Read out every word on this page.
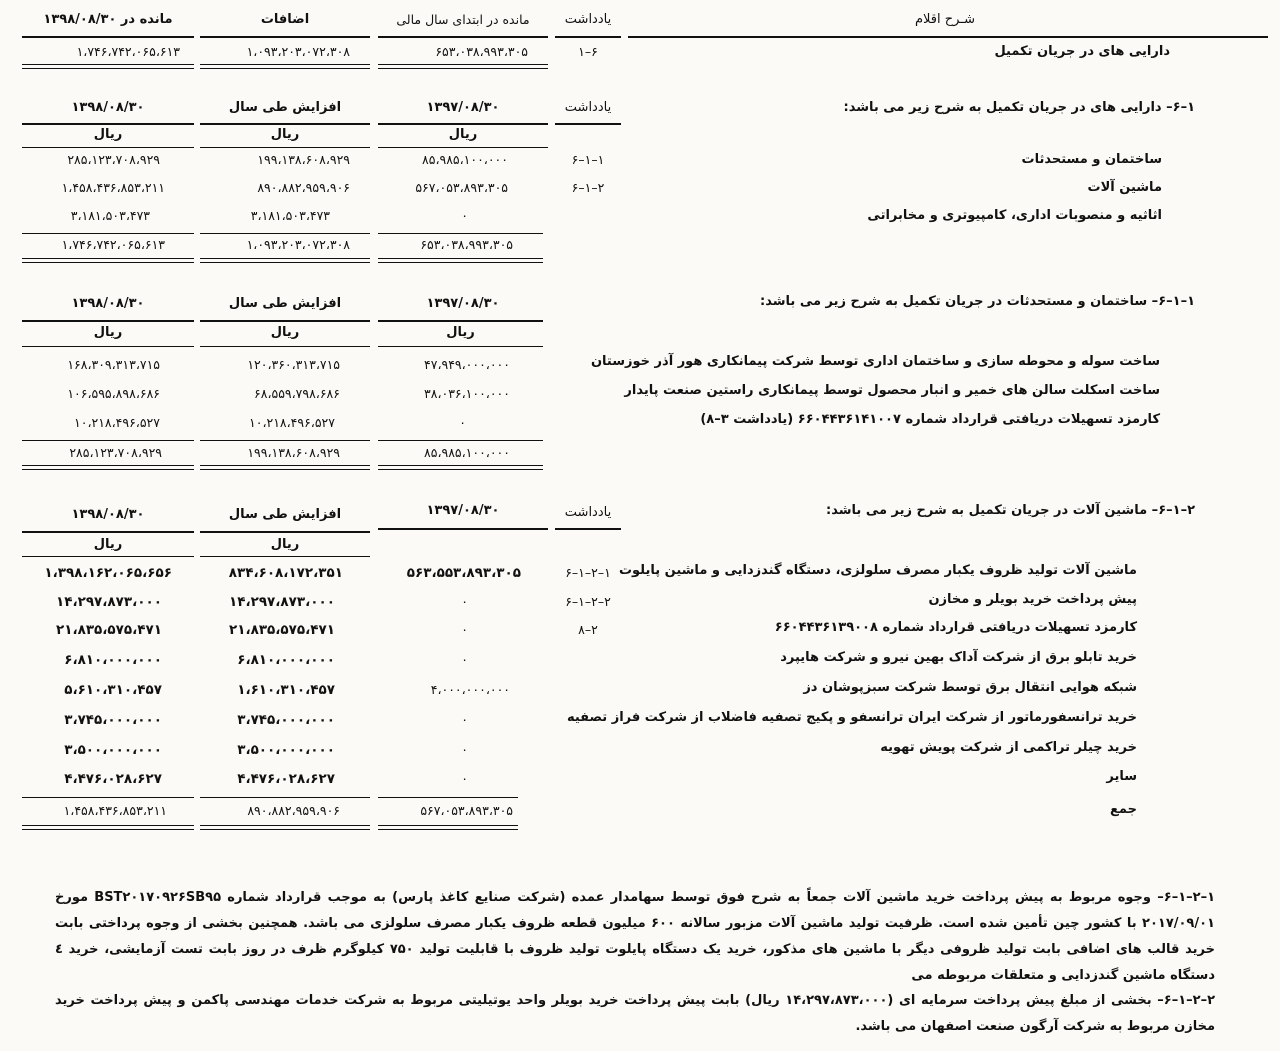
شـرح اقلام
یادداشت
مانده در ابتدای سال مالی
اضافات
مانده در ۱۳۹۸/۰۸/۳۰
دارایی های در جریان تکمیل
۱–۶
۶۵۳،۰۳۸،۹۹۳،۳۰۵
۱،۰۹۳،۲۰۳،۰۷۲،۳۰۸
۱،۷۴۶،۷۴۲،۰۶۵،۶۱۳
۱–۶– دارایی های در جریان تکمیل به شرح زیر می باشد:
یادداشت
۱۳۹۷/۰۸/۳۰
افزایش طی سال
۱۳۹۸/۰۸/۳۰
ریال
ریال
ریال
ساختمان و مستحدثات
۶–۱–۱
۸۵،۹۸۵،۱۰۰،۰۰۰
۱۹۹،۱۳۸،۶۰۸،۹۲۹
۲۸۵،۱۲۳،۷۰۸،۹۲۹
ماشین آلات
۶–۱–۲
۵۶۷،۰۵۳،۸۹۳،۳۰۵
۸۹۰،۸۸۲،۹۵۹،۹۰۶
۱،۴۵۸،۴۳۶،۸۵۳،۲۱۱
اثاثیه و منصوبات اداری، کامپیوتری و مخابراتی
۰
۳،۱۸۱،۵۰۳،۴۷۳
۳،۱۸۱،۵۰۳،۴۷۳
۶۵۳،۰۳۸،۹۹۳،۳۰۵
۱،۰۹۳،۲۰۳،۰۷۲،۳۰۸
۱،۷۴۶،۷۴۲،۰۶۵،۶۱۳
۱–۱–۶– ساختمان و مستحدثات در جریان تکمیل به شرح زیر می باشد:
۱۳۹۷/۰۸/۳۰
افزایش طی سال
۱۳۹۸/۰۸/۳۰
ریال
ریال
ریال
ساخت سوله و محوطه سازی و ساختمان اداری توسط شرکت پیمانکاری هور آذر خوزستان
۴۷،۹۴۹،۰۰۰،۰۰۰
۱۲۰،۳۶۰،۳۱۳،۷۱۵
۱۶۸،۳۰۹،۳۱۳،۷۱۵
ساخت اسکلت سالن های خمیر و انبار محصول توسط پیمانکاری راستین صنعت پایدار
۳۸،۰۳۶،۱۰۰،۰۰۰
۶۸،۵۵۹،۷۹۸،۶۸۶
۱۰۶،۵۹۵،۸۹۸،۶۸۶
کارمزد تسهیلات دریافتی قرارداد شماره ۶۶۰۴۴۳۶۱۴۱۰۰۷ (یادداشت ۳–۸)
۰
۱۰،۲۱۸،۴۹۶،۵۲۷
۱۰،۲۱۸،۴۹۶،۵۲۷
۸۵،۹۸۵،۱۰۰،۰۰۰
۱۹۹،۱۳۸،۶۰۸،۹۲۹
۲۸۵،۱۲۳،۷۰۸،۹۲۹
۲–۱–۶– ماشین آلات در جریان تکمیل به شرح زیر می باشد:
یادداشت
۱۳۹۷/۰۸/۳۰
افزایش طی سال
۱۳۹۸/۰۸/۳۰
ریال
ریال
ماشین آلات تولید ظروف یکبار مصرف سلولزی، دستگاه گندزدایی و ماشین پایلوت
۶–۱–۲–۱
۵۶۳،۵۵۳،۸۹۳،۳۰۵
۸۳۴،۶۰۸،۱۷۲،۳۵۱
۱،۳۹۸،۱۶۲،۰۶۵،۶۵۶
پیش پرداخت خرید بویلر و مخازن
۶–۱–۲–۲
۰
۱۴،۲۹۷،۸۷۳،۰۰۰
۱۴،۲۹۷،۸۷۳،۰۰۰
کارمزد تسهیلات دریافتی قرارداد شماره ۶۶۰۴۴۳۶۱۳۹۰۰۸
۸–۲
۰
۲۱،۸۳۵،۵۷۵،۴۷۱
۲۱،۸۳۵،۵۷۵،۴۷۱
خرید تابلو برق از شرکت آداک بهین نیرو و شرکت هایپرد
۰
۶،۸۱۰،۰۰۰،۰۰۰
۶،۸۱۰،۰۰۰،۰۰۰
شبکه هوایی انتقال برق توسط شرکت سبزپوشان دز
۴،۰۰۰،۰۰۰،۰۰۰
۱،۶۱۰،۳۱۰،۴۵۷
۵،۶۱۰،۳۱۰،۴۵۷
خرید ترانسفورماتور از شرکت ایران ترانسفو و پکیج تصفیه فاضلاب از شرکت فراز تصفیه
۰
۳،۷۴۵،۰۰۰،۰۰۰
۳،۷۴۵،۰۰۰،۰۰۰
خرید چیلر تراکمی از شرکت پویش تهویه
۰
۳،۵۰۰،۰۰۰،۰۰۰
۳،۵۰۰،۰۰۰،۰۰۰
سایر
۰
۴،۴۷۶،۰۲۸،۶۲۷
۴،۴۷۶،۰۲۸،۶۲۷
جمع
۵۶۷،۰۵۳،۸۹۳،۳۰۵
۸۹۰،۸۸۲،۹۵۹،۹۰۶
۱،۴۵۸،۴۳۶،۸۵۳،۲۱۱
۱–۲–۱–۶– وجوه مربوط به پیش پرداخت خرید ماشین آلات جمعاً به شرح فوق توسط سهامدار عمده (شرکت صنایع کاغذ پارس) به موجب قرارداد شماره BST۲۰۱۷۰۹۲۶SB۹۵ مورخ ۲۰۱۷/۰۹/۰۱ با کشور چین تأمین شده است. ظرفیت تولید ماشین آلات مزبور سالانه ۶۰۰ میلیون قطعه ظروف یکبار مصرف سلولزی می باشد. همچنین بخشی از وجوه پرداختی بابت خرید قالب های اضافی بابت تولید ظروفی دیگر با ماشین های مذکور، خرید یک دستگاه پایلوت تولید ظروف با قابلیت تولید ۷۵۰ کیلوگرم ظرف در روز بابت تست آزمایشی، خرید ٤ دستگاه ماشین گندزدایی و متعلقات مربوطه می
۲–۲–۱–۶– بخشی از مبلغ پیش پرداخت سرمایه ای (۱۴،۲۹۷،۸۷۳،۰۰۰ ریال) بابت پیش پرداخت خرید بویلر واحد یوتیلیتی مربوط به شرکت خدمات مهندسی پاکمن و پیش پرداخت خرید مخازن مربوط به شرکت آرگون صنعت اصفهان می باشد.
